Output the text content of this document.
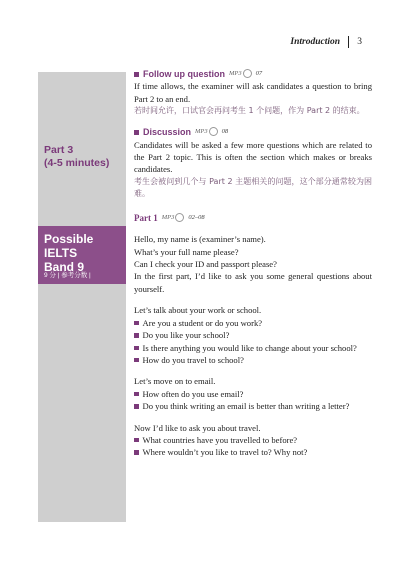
Introduction 3
Part 3
(4-5 minutes)
Possible
IELTS
Band 9
9 分 | 参考分数 |
Follow up question MP3	07
If time allows, the examiner will ask candidates a question to bring Part 2 to an end.
若时间允许，口试官会再问考生 1 个问题，作为 Part 2 的结束。
Discussion MP3	08
Candidates will be asked a few more questions which are related to the Part 2 topic. This is often the section which makes or breaks candidates.
考生会被问到几个与 Part 2 主题相关的问题，这个部分通常较为困难。
Part 1 MP3	02–08
Hello, my name is (examiner’s name).
What’s your full name please?
Can I check your ID and passport please?
In the first part, I’d like to ask you some general questions about yourself.
Let’s talk about your work or school.
Are you a student or do you work?
Do you like your school?
Is there anything you would like to change about your school?
How do you travel to school?
Let’s move on to email.
How often do you use email?
Do you think writing an email is better than writing a letter?
Now I’d like to ask you about travel.
What countries have you travelled to before?
Where wouldn’t you like to travel to? Why not?
